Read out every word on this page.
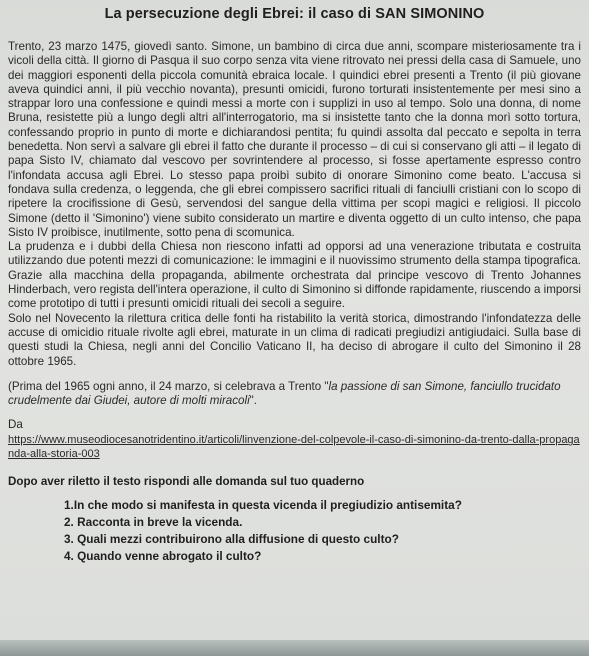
La persecuzione degli Ebrei: il caso di SAN SIMONINO

Trento, 23 marzo 1475, giovedì santo. Simone, un bambino di circa due anni, scompare misteriosamente tra i vicoli della città. Il giorno di Pasqua il suo corpo senza vita viene ritrovato nei pressi della casa di Samuele, uno dei maggiori esponenti della piccola comunità ebraica locale. I quindici ebrei presenti a Trento (il più giovane aveva quindici anni, il più vecchio novanta), presunti omicidi, furono torturati insistentemente per mesi sino a strappar loro una confessione e quindi messi a morte con i supplizi in uso al tempo. Solo una donna, di nome Bruna, resistette più a lungo degli altri all'interrogatorio, ma si insistette tanto che la donna morì sotto tortura, confessando proprio in punto di morte e dichiarandosi pentita; fu quindi assolta dal peccato e sepolta in terra benedetta. Non servì a salvare gli ebrei il fatto che durante il processo – di cui si conservano gli atti – il legato di papa Sisto IV, chiamato dal vescovo per sovrintendere al processo, si fosse apertamente espresso contro l'infondata accusa agli Ebrei. Lo stesso papa proibì subito di onorare Simonino come beato. L'accusa si fondava sulla credenza, o leggenda, che gli ebrei compissero sacrifici rituali di fanciulli cristiani con lo scopo di ripetere la crocifissione di Gesù, servendosi del sangue della vittima per scopi magici e religiosi. Il piccolo Simone (detto il 'Simonino') viene subito considerato un martire e diventa oggetto di un culto intenso, che papa Sisto IV proibisce, inutilmente, sotto pena di scomunica.

La prudenza e i dubbi della Chiesa non riescono infatti ad opporsi ad una venerazione tributata e costruita utilizzando due potenti mezzi di comunicazione: le immagini e il nuovissimo strumento della stampa tipografica. Grazie alla macchina della propaganda, abilmente orchestrata dal principe vescovo di Trento Johannes Hinderbach, vero regista dell'intera operazione, il culto di Simonino si diffonde rapidamente, riuscendo a imporsi come prototipo di tutti i presunti omicidi rituali dei secoli a seguire.

Solo nel Novecento la rilettura critica delle fonti ha ristabilito la verità storica, dimostrando l'infondatezza delle accuse di omicidio rituale rivolte agli ebrei, maturate in un clima di radicati pregiudizi antigiudaici. Sulla base di questi studi la Chiesa, negli anni del Concilio Vaticano II, ha deciso di abrogare il culto del Simonino il 28 ottobre 1965.

(Prima del 1965 ogni anno, il 24 marzo, si celebrava a Trento "la passione di san Simone, fanciullo trucidato crudelmente dai Giudei, autore di molti miracoli".

Da

https://www.museodiocesanotridentino.it/articoli/linvenzione-del-colpevole-il-caso-di-simonino-da-trento-dalla-propaganda-alla-storia-003

Dopo aver riletto il testo rispondi alle domanda sul tuo quaderno

1.In che modo si manifesta in questa vicenda il pregiudizio antisemita?
2. Racconta in breve la vicenda.
3. Quali mezzi contribuirono alla diffusione di questo culto?
4. Quando venne abrogato il culto?
